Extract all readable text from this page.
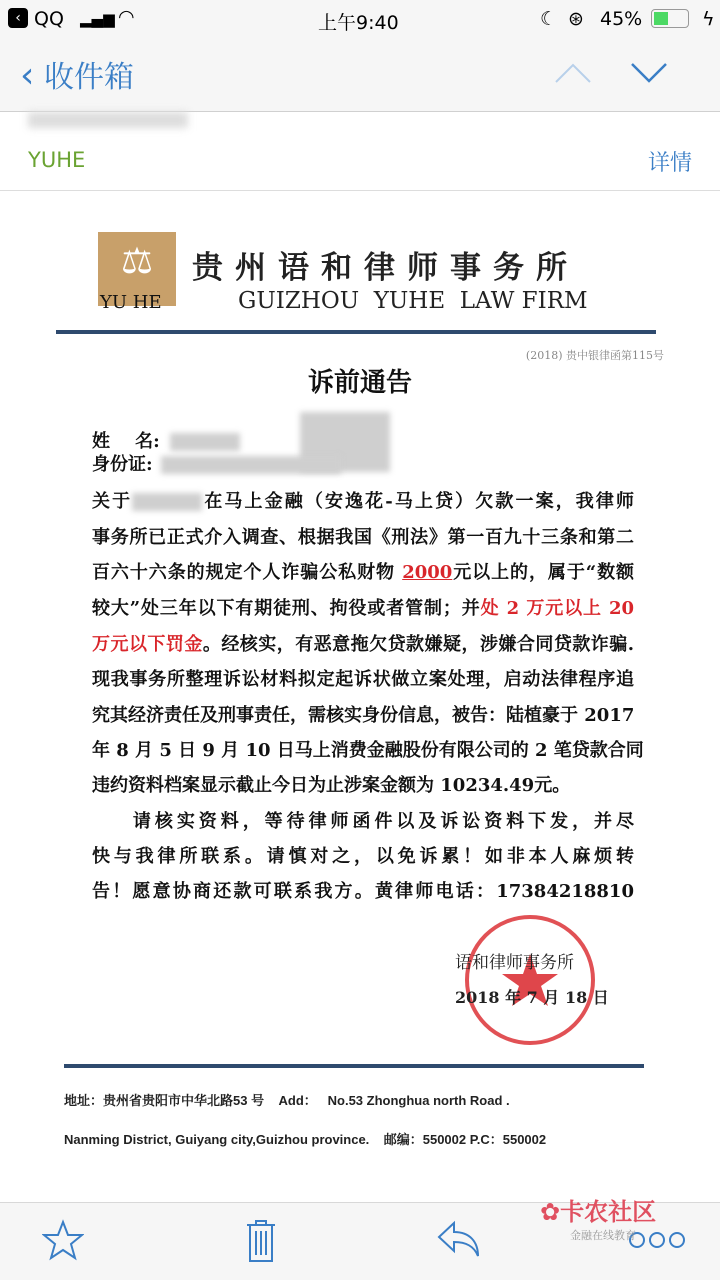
‹ QQ ▂▄▆ ◠	上午9:40	☾ ⊛ 45%	ϟ
‹ 收件箱
YUHE	详情
⚖
YU HE
贵州语和律师事务所
GUIZHOU  YUHE  LAW FIRM
(2018) 贵中银律函第115号
诉前通告
姓    名:
身份证:
关于	在马上金融（安逸花-马上贷）欠款一案，我律师
事务所已正式介入调查、根据我国《刑法》第一百九十三条和第二
百六十六条的规定个人诈骗公私财物 2000元以上的，属于“数额
较大”处三年以下有期徒刑、拘役或者管制；并处 2 万元以上 20
万元以下罚金。经核实，有恶意拖欠贷款嫌疑，涉嫌合同贷款诈骗.
现我事务所整理诉讼材料拟定起诉状做立案处理，启动法律程序追
究其经济责任及刑事责任，需核实身份信息，被告：陆植豪于 2017
年 8 月 5 日 9 月 10 日马上消费金融股份有限公司的 2 笔贷款合同
违约资料档案显示截止今日为止涉案金额为 10234.49元。
请核实资料，等待律师函件以及诉讼资料下发，并尽
快与我律所联系。请慎对之，以免诉累！如非本人麻烦转
告！愿意协商还款可联系我方。黄律师电话：17384218810
语和律师事务所
2018 年 7 月 18 日
地址：贵州省贵阳市中华北路53 号    Add：   No.53 Zhonghua north Road .
Nanming District, Guiyang city,Guizhou province.    邮编：550002 P.C：550002
✿卡农社区
金融在线教育
